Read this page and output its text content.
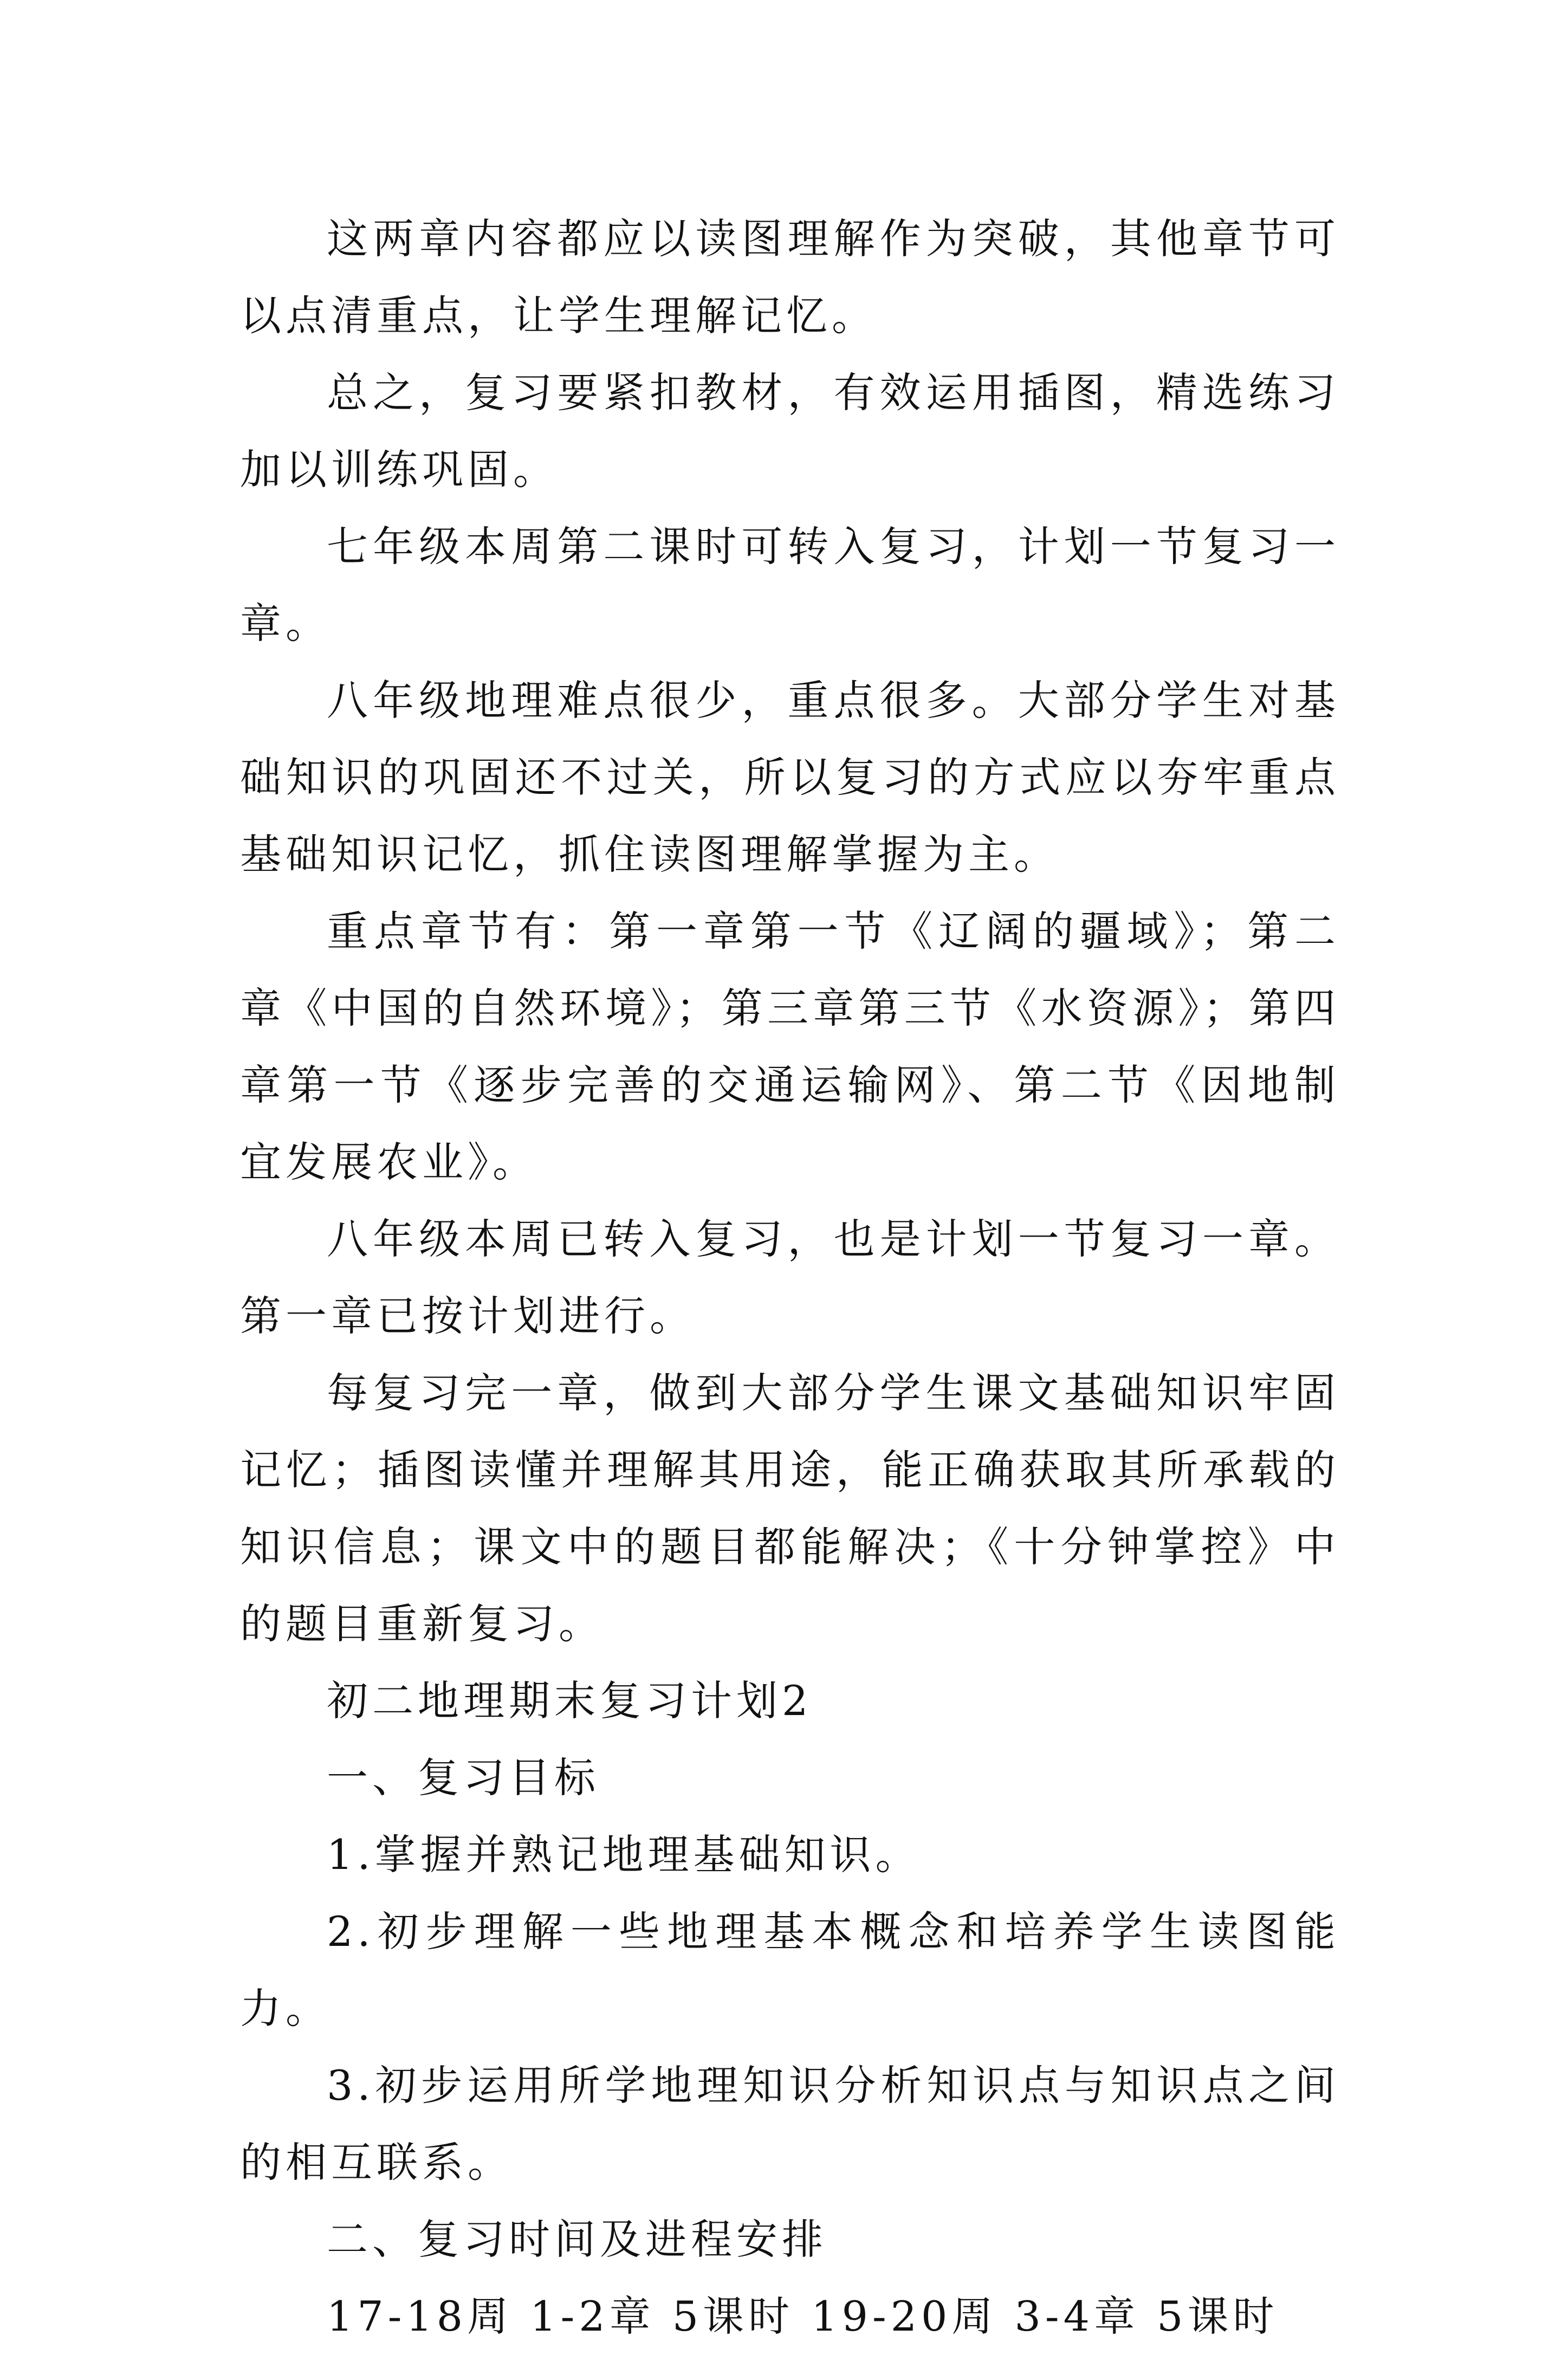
这两章内容都应以读图理解作为突破，其他章节可以点清重点，让学生理解记忆。

总之，复习要紧扣教材，有效运用插图，精选练习加以训练巩固。

七年级本周第二课时可转入复习，计划一节复习一章。

八年级地理难点很少，重点很多。大部分学生对基础知识的巩固还不过关，所以复习的方式应以夯牢重点基础知识记忆，抓住读图理解掌握为主。

重点章节有：第一章第一节《辽阔的疆域》；第二章《中国的自然环境》；第三章第三节《水资源》；第四章第一节《逐步完善的交通运输网》、第二节《因地制宜发展农业》。

八年级本周已转入复习，也是计划一节复习一章。第一章已按计划进行。

每复习完一章，做到大部分学生课文基础知识牢固记忆；插图读懂并理解其用途，能正确获取其所承载的知识信息；课文中的题目都能解决；《十分钟掌控》中的题目重新复习。

初二地理期末复习计划2

一、复习目标

1.掌握并熟记地理基础知识。

2.初步理解一些地理基本概念和培养学生读图能力。

3.初步运用所学地理知识分析知识点与知识点之间的相互联系。

二、复习时间及进程安排

17-18周 1-2章 5课时 19-20周 3-4章 5课时
